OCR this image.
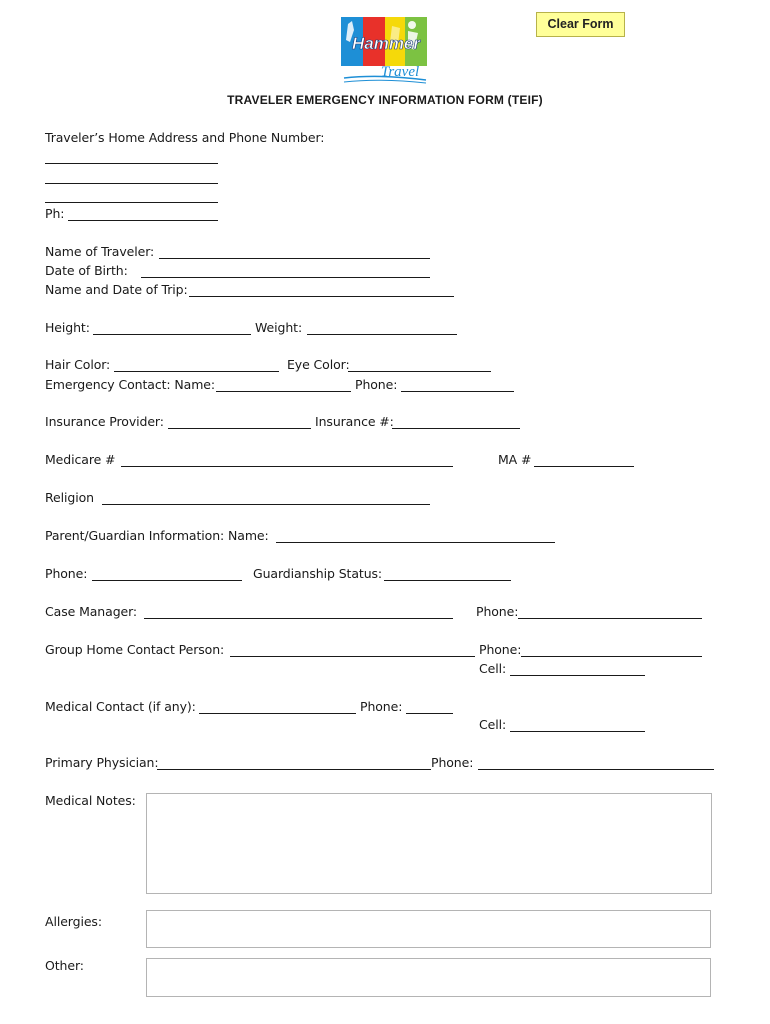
Clear Form
Hammer
Travel
TRAVELER EMERGENCY INFORMATION FORM (TEIF)
Traveler’s Home Address and Phone Number:
Ph:
Name of Traveler:
Date of Birth:
Name and Date of Trip:
Height:	Weight:
Hair Color:	Eye Color:
Emergency Contact: Name:	Phone:
Insurance Provider:	Insurance #:
Medicare #	MA #
Religion
Parent/Guardian Information: Name:
Phone:	Guardianship Status:
Case Manager:	Phone:
Group Home Contact Person:	Phone:
Cell:
Medical Contact (if any):	Phone:
Cell:
Primary Physician:	Phone:
Medical Notes:
Allergies:
Other:
